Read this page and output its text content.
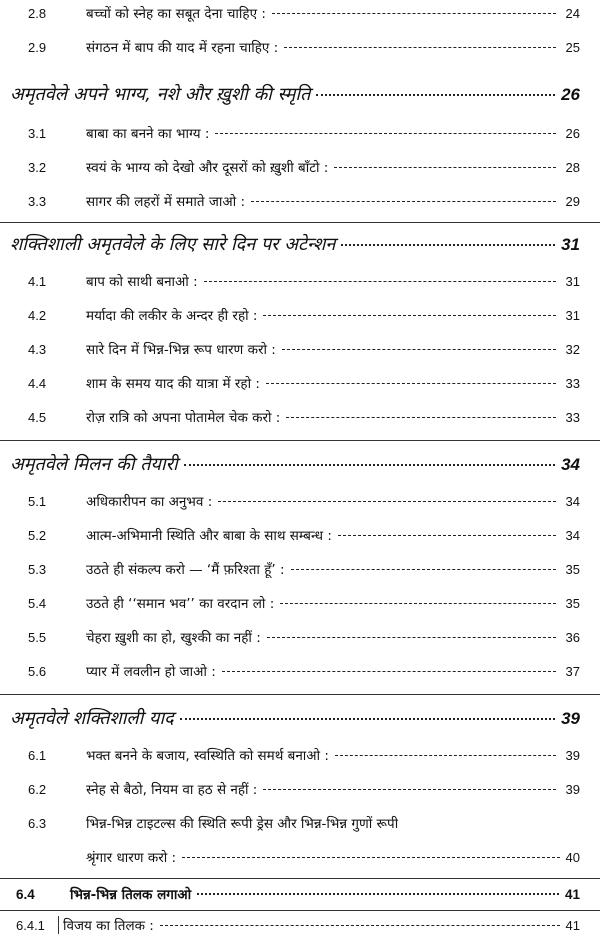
2.8	बच्चों को स्नेह का सबूत देना चाहिए :	24
2.9	संगठन में बाप की याद में रहना चाहिए :	25
अमृतवेले अपने भाग्य, नशे और ख़ुशी की स्मृति	26
3.1	बाबा का बनने का भाग्य :	26
3.2	स्वयं के भाग्य को देखो और दूसरों को ख़ुशी बाँटो :	28
3.3	सागर की लहरों में समाते जाओ :	29
शक्तिशाली अमृतवेले के लिए सारे दिन पर अटेन्शन	31
4.1	बाप को साथी बनाओ :	31
4.2	मर्यादा की लकीर के अन्दर ही रहो :	31
4.3	सारे दिन में भिन्न-भिन्न रूप धारण करो :	32
4.4	शाम के समय याद की यात्रा में रहो :	33
4.5	रोज़ रात्रि को अपना पोतामेल चेक करो :	33
अमृतवेले मिलन की तैयारी	34
5.1	अधिकारीपन का अनुभव :	34
5.2	आत्म-अभिमानी स्थिति और बाबा के साथ सम्बन्ध :	34
5.3	उठते ही संकल्प करो — ‘मैं फ़रिश्ता हूँ’ :	35
5.4	उठते ही ‘‘समान भव’’ का वरदान लो :	35
5.5	चेहरा ख़ुशी का हो, खुश्की का नहीं :	36
5.6	प्यार में लवलीन हो जाओ :	37
अमृतवेले शक्तिशाली याद	39
6.1	भक्त बनने के बजाय, स्वस्थिति को समर्थ बनाओ :	39
6.2	स्नेह से बैठो, नियम वा हठ से नहीं :	39
6.3	भिन्न-भिन्न टाइटल्स की स्थिति रूपी ड्रेस और भिन्न-भिन्न गुणों रूपी
श्रृंगार धारण करो :	40
6.4	भिन्न-भिन्न तिलक लगाओ	41
6.4.1	विजय का तिलक :	41
